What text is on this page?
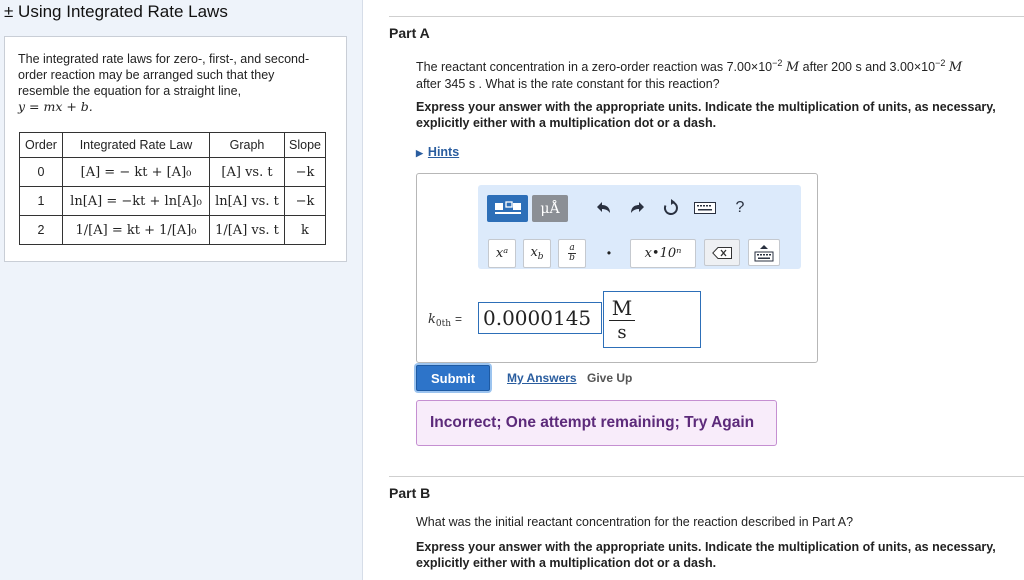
± Using Integrated Rate Laws
The integrated rate laws for zero-, first-, and second-
order reaction may be arranged such that they
resemble the equation for a straight line,
y = mx + b.
Order	Integrated Rate Law	Graph	Slope
0	[A] = − kt + [A]₀	[A] vs. t	−k
1	ln[A] = −kt + ln[A]₀	ln[A] vs. t	−k
2	1/[A] = kt + 1/[A]₀	1/[A] vs. t	k
Part A
The reactant concentration in a zero-order reaction was $7.00\times 10^{-2}$ M after 200 s and $3.00\times 10^{-2}$ M
after 345 s . What is the rate constant for this reaction?
Express your answer with the appropriate units. Indicate the multiplication of units, as necessary, explicitly either with a multiplication dot or a dash.
▶ Hints
μÅ	?
xᵃ $x_b$	$\frac{a}{b}$	•	x•10ⁿ
$k_{0th} = 0.0000145 \frac{M}{s}$
Submit	My Answers Give Up
Incorrect; One attempt remaining; Try Again
Part B
What was the initial reactant concentration for the reaction described in Part A?
Express your answer with the appropriate units. Indicate the multiplication of units, as necessary, explicitly either with a multiplication dot or a dash.
